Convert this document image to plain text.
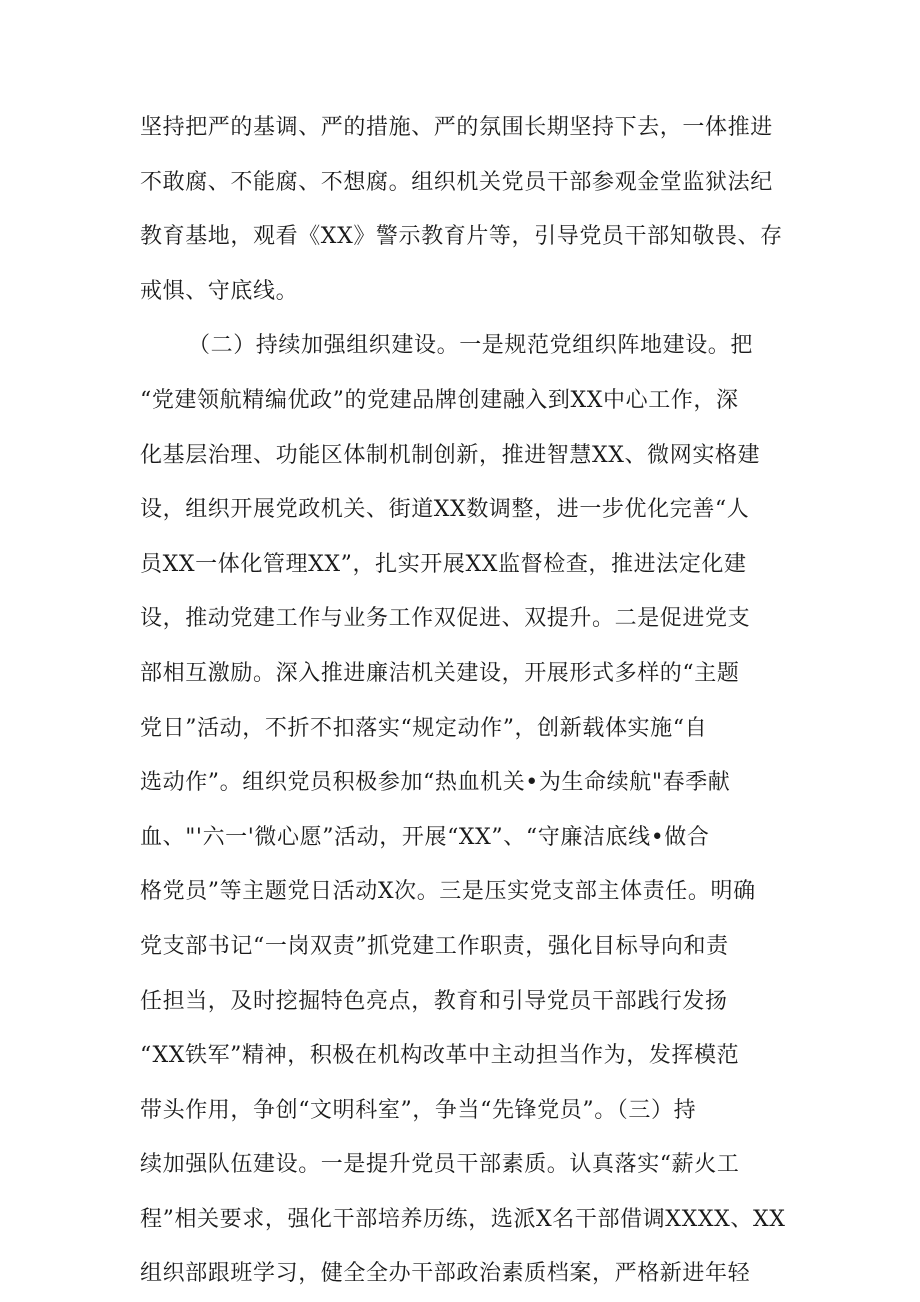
坚持把严的基调、严的措施、严的氛围长期坚持下去，一体推进
不敢腐、不能腐、不想腐。组织机关党员干部参观金堂监狱法纪
教育基地，观看《XX》警示教育片等，引导党员干部知敬畏、存
戒惧、守底线。
（二）持续加强组织建设。一是规范党组织阵地建设。把
“党建领航精编优政”的党建品牌创建融入到XX中心工作，深
化基层治理、功能区体制机制创新，推进智慧XX、微网实格建
设，组织开展党政机关、街道XX数调整，进一步优化完善“人
员XX一体化管理XX”，扎实开展XX监督检查，推进法定化建
设，推动党建工作与业务工作双促进、双提升。二是促进党支
部相互激励。深入推进廉洁机关建设，开展形式多样的“主题
党日”活动，不折不扣落实“规定动作”，创新载体实施“自
选动作”。组织党员积极参加“热血机关•为生命续航"春季献
血、"'六一'微心愿”活动，开展“XX”、“守廉洁底线•做合
格党员”等主题党日活动X次。三是压实党支部主体责任。明确
党支部书记“一岗双责”抓党建工作职责，强化目标导向和责
任担当，及时挖掘特色亮点，教育和引导党员干部践行发扬
“XX铁军”精神，积极在机构改革中主动担当作为，发挥模范
带头作用，争创“文明科室”，争当“先锋党员”。（三）持
续加强队伍建设。一是提升党员干部素质。认真落实“薪火工
程”相关要求，强化干部培养历练，选派X名干部借调XXXX、XX
组织部跟班学习，健全全办干部政治素质档案，严格新进年轻
